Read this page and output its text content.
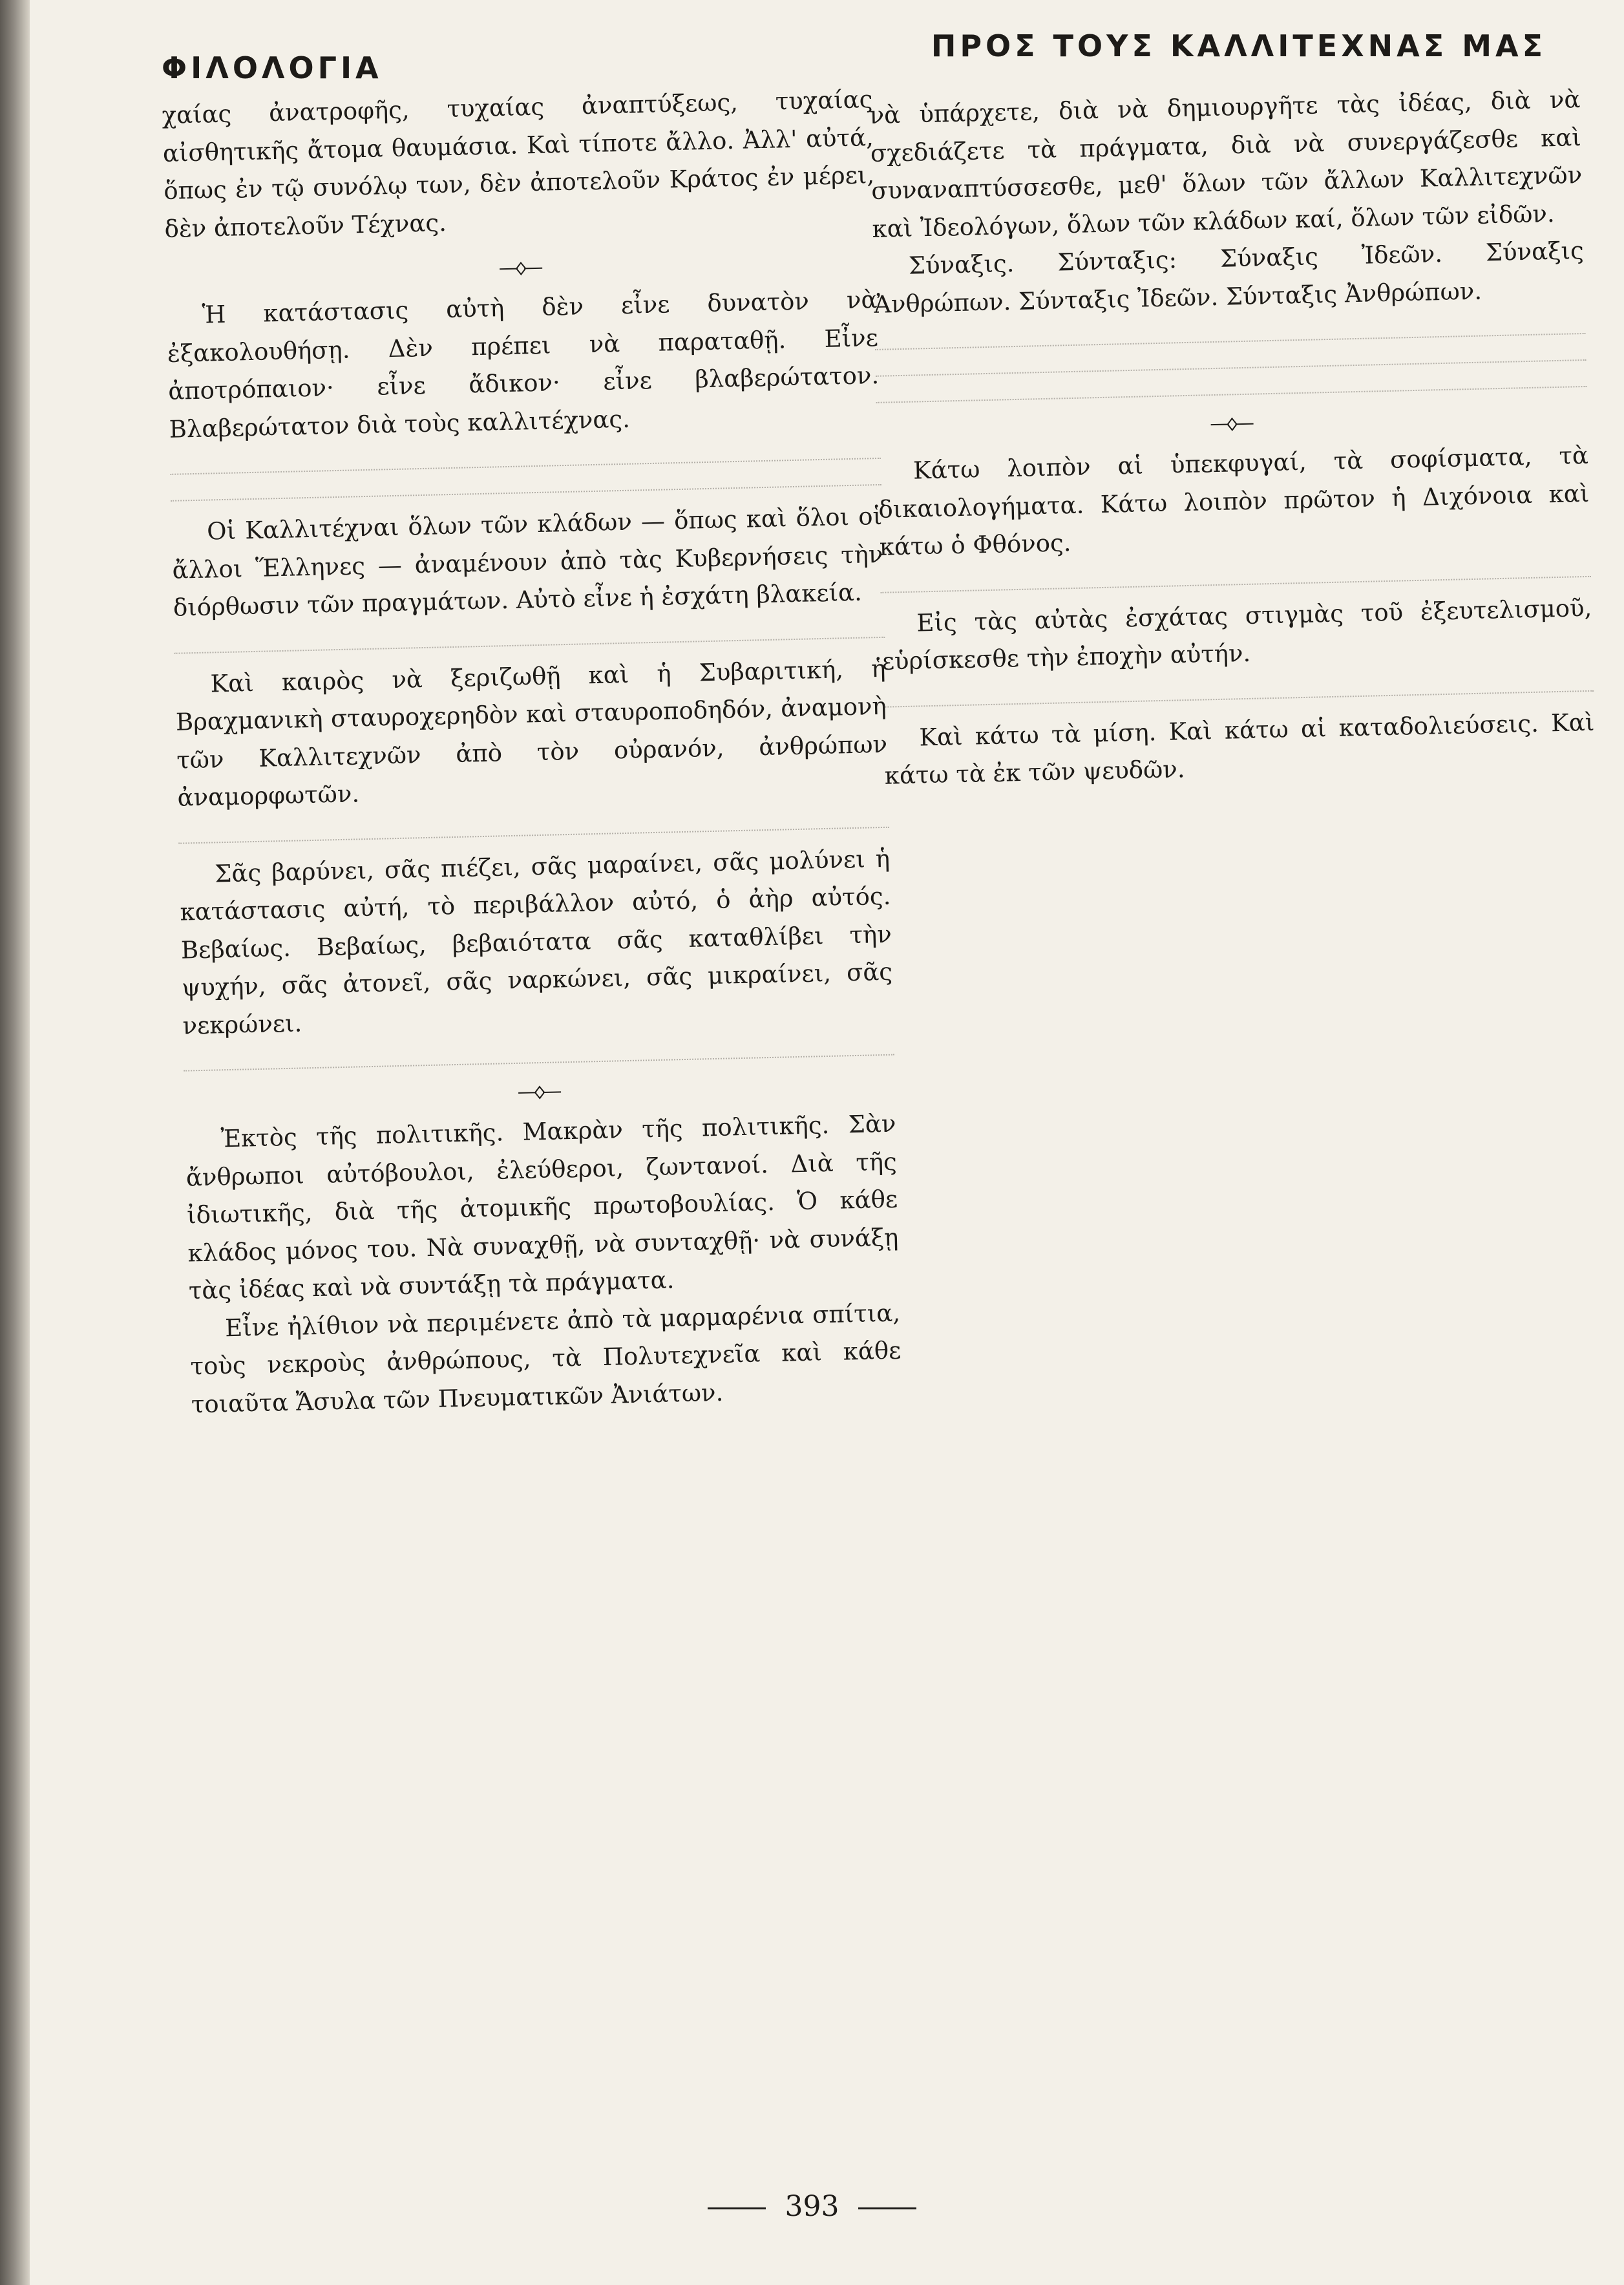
ΦΙΛΟΛΟΓΙΑ
ΠΡΟΣ ΤΟΥΣ ΚΑΛΛΙΤΕΧΝΑΣ ΜΑΣ

χαίας ἀνατροφῆς, τυχαίας ἀναπτύξεως, τυχαίας αἰσθητικῆς ἄτομα θαυμάσια. Καὶ τίποτε ἄλλο. Ἀλλ' αὐτά, ὅπως ἐν τῷ συνόλῳ των, δὲν ἀποτελοῦν Κράτος ἐν μέρει, δὲν ἀποτελοῦν Τέχνας.

Ἡ κατάστασις αὐτὴ δὲν εἶνε δυνατὸν νὰ ἐξακολουθήσῃ. Δὲν πρέπει νὰ παραταθῇ. Εἶνε ἀποτρόπαιον· εἶνε ἄδικον· εἶνε βλαβερώτατον. Βλαβερώτατον διὰ τοὺς καλλιτέχνας.

Οἱ Καλλιτέχναι ὅλων τῶν κλάδων — ὅπως καὶ ὅλοι οἱ ἄλλοι Ἕλληνες — ἀναμένουν ἀπὸ τὰς Κυβερνήσεις τὴν διόρθωσιν τῶν πραγμάτων. Αὐτὸ εἶνε ἡ ἐσχάτη βλακεία.

Καὶ καιρὸς νὰ ξεριζωθῇ καὶ ἡ Συβαριτική, ἡ Βραχμανικὴ σταυροχερηδὸν καὶ σταυροποδηδόν, ἀναμονὴ τῶν Καλλιτεχνῶν ἀπὸ τὸν οὐρανόν, ἀνθρώπων ἀναμορφωτῶν.

Σᾶς βαρύνει, σᾶς πιέζει, σᾶς μαραίνει, σᾶς μολύνει ἡ κατάστασις αὐτή, τὸ περιβάλλον αὐτό, ὁ ἀὴρ αὐτός. Βεβαίως. Βεβαίως, βεβαιότατα σᾶς καταθλίβει τὴν ψυχήν, σᾶς ἀτονεῖ, σᾶς ναρκώνει, σᾶς μικραίνει, σᾶς νεκρώνει.

Ἐκτὸς τῆς πολιτικῆς. Μακρὰν τῆς πολιτικῆς. Σὰν ἄνθρωποι αὐτόβουλοι, ἐλεύθεροι, ζωντανοί. Διὰ τῆς ἰδιωτικῆς, διὰ τῆς ἀτομικῆς πρωτοβουλίας. Ὁ κάθε κλάδος μόνος του. Νὰ συναχθῇ, νὰ συνταχθῇ· νὰ συνάξῃ τὰς ἰδέας καὶ νὰ συντάξῃ τὰ πράγματα.

Εἶνε ἠλίθιον νὰ περιμένετε ἀπὸ τὰ μαρμαρένια σπίτια, τοὺς νεκροὺς ἀνθρώπους, τὰ Πολυτεχνεῖα καὶ κάθε τοιαῦτα Ἄσυλα τῶν Πνευματικῶν Ἀνιάτων.

νὰ ὑπάρχετε, διὰ νὰ δημιουργῆτε τὰς ἰδέας, διὰ νὰ σχεδιάζετε τὰ πράγματα, διὰ νὰ συνεργάζεσθε καὶ συναναπτύσσεσθε, μεθ' ὅλων τῶν ἄλλων Καλλιτεχνῶν καὶ Ἰδεολόγων, ὅλων τῶν κλάδων καί, ὅλων τῶν εἰδῶν.

Σύναξις. Σύνταξις: Σύναξις Ἰδεῶν. Σύναξις Ἀνθρώπων. Σύνταξις Ἰδεῶν. Σύνταξις Ἀνθρώπων.

Κάτω λοιπὸν αἱ ὑπεκφυγαί, τὰ σοφίσματα, τὰ δικαιολογήματα. Κάτω λοιπὸν πρῶτον ἡ Διχόνοια καὶ κάτω ὁ Φθόνος.

Εἰς τὰς αὐτὰς ἐσχάτας στιγμὰς τοῦ ἐξευτελισμοῦ, εὑρίσκεσθε τὴν ἐποχὴν αὐτήν.

Καὶ κάτω τὰ μίση. Καὶ κάτω αἱ καταδολιεύσεις. Καὶ κάτω τὰ ἐκ τῶν ψευδῶν.

393
